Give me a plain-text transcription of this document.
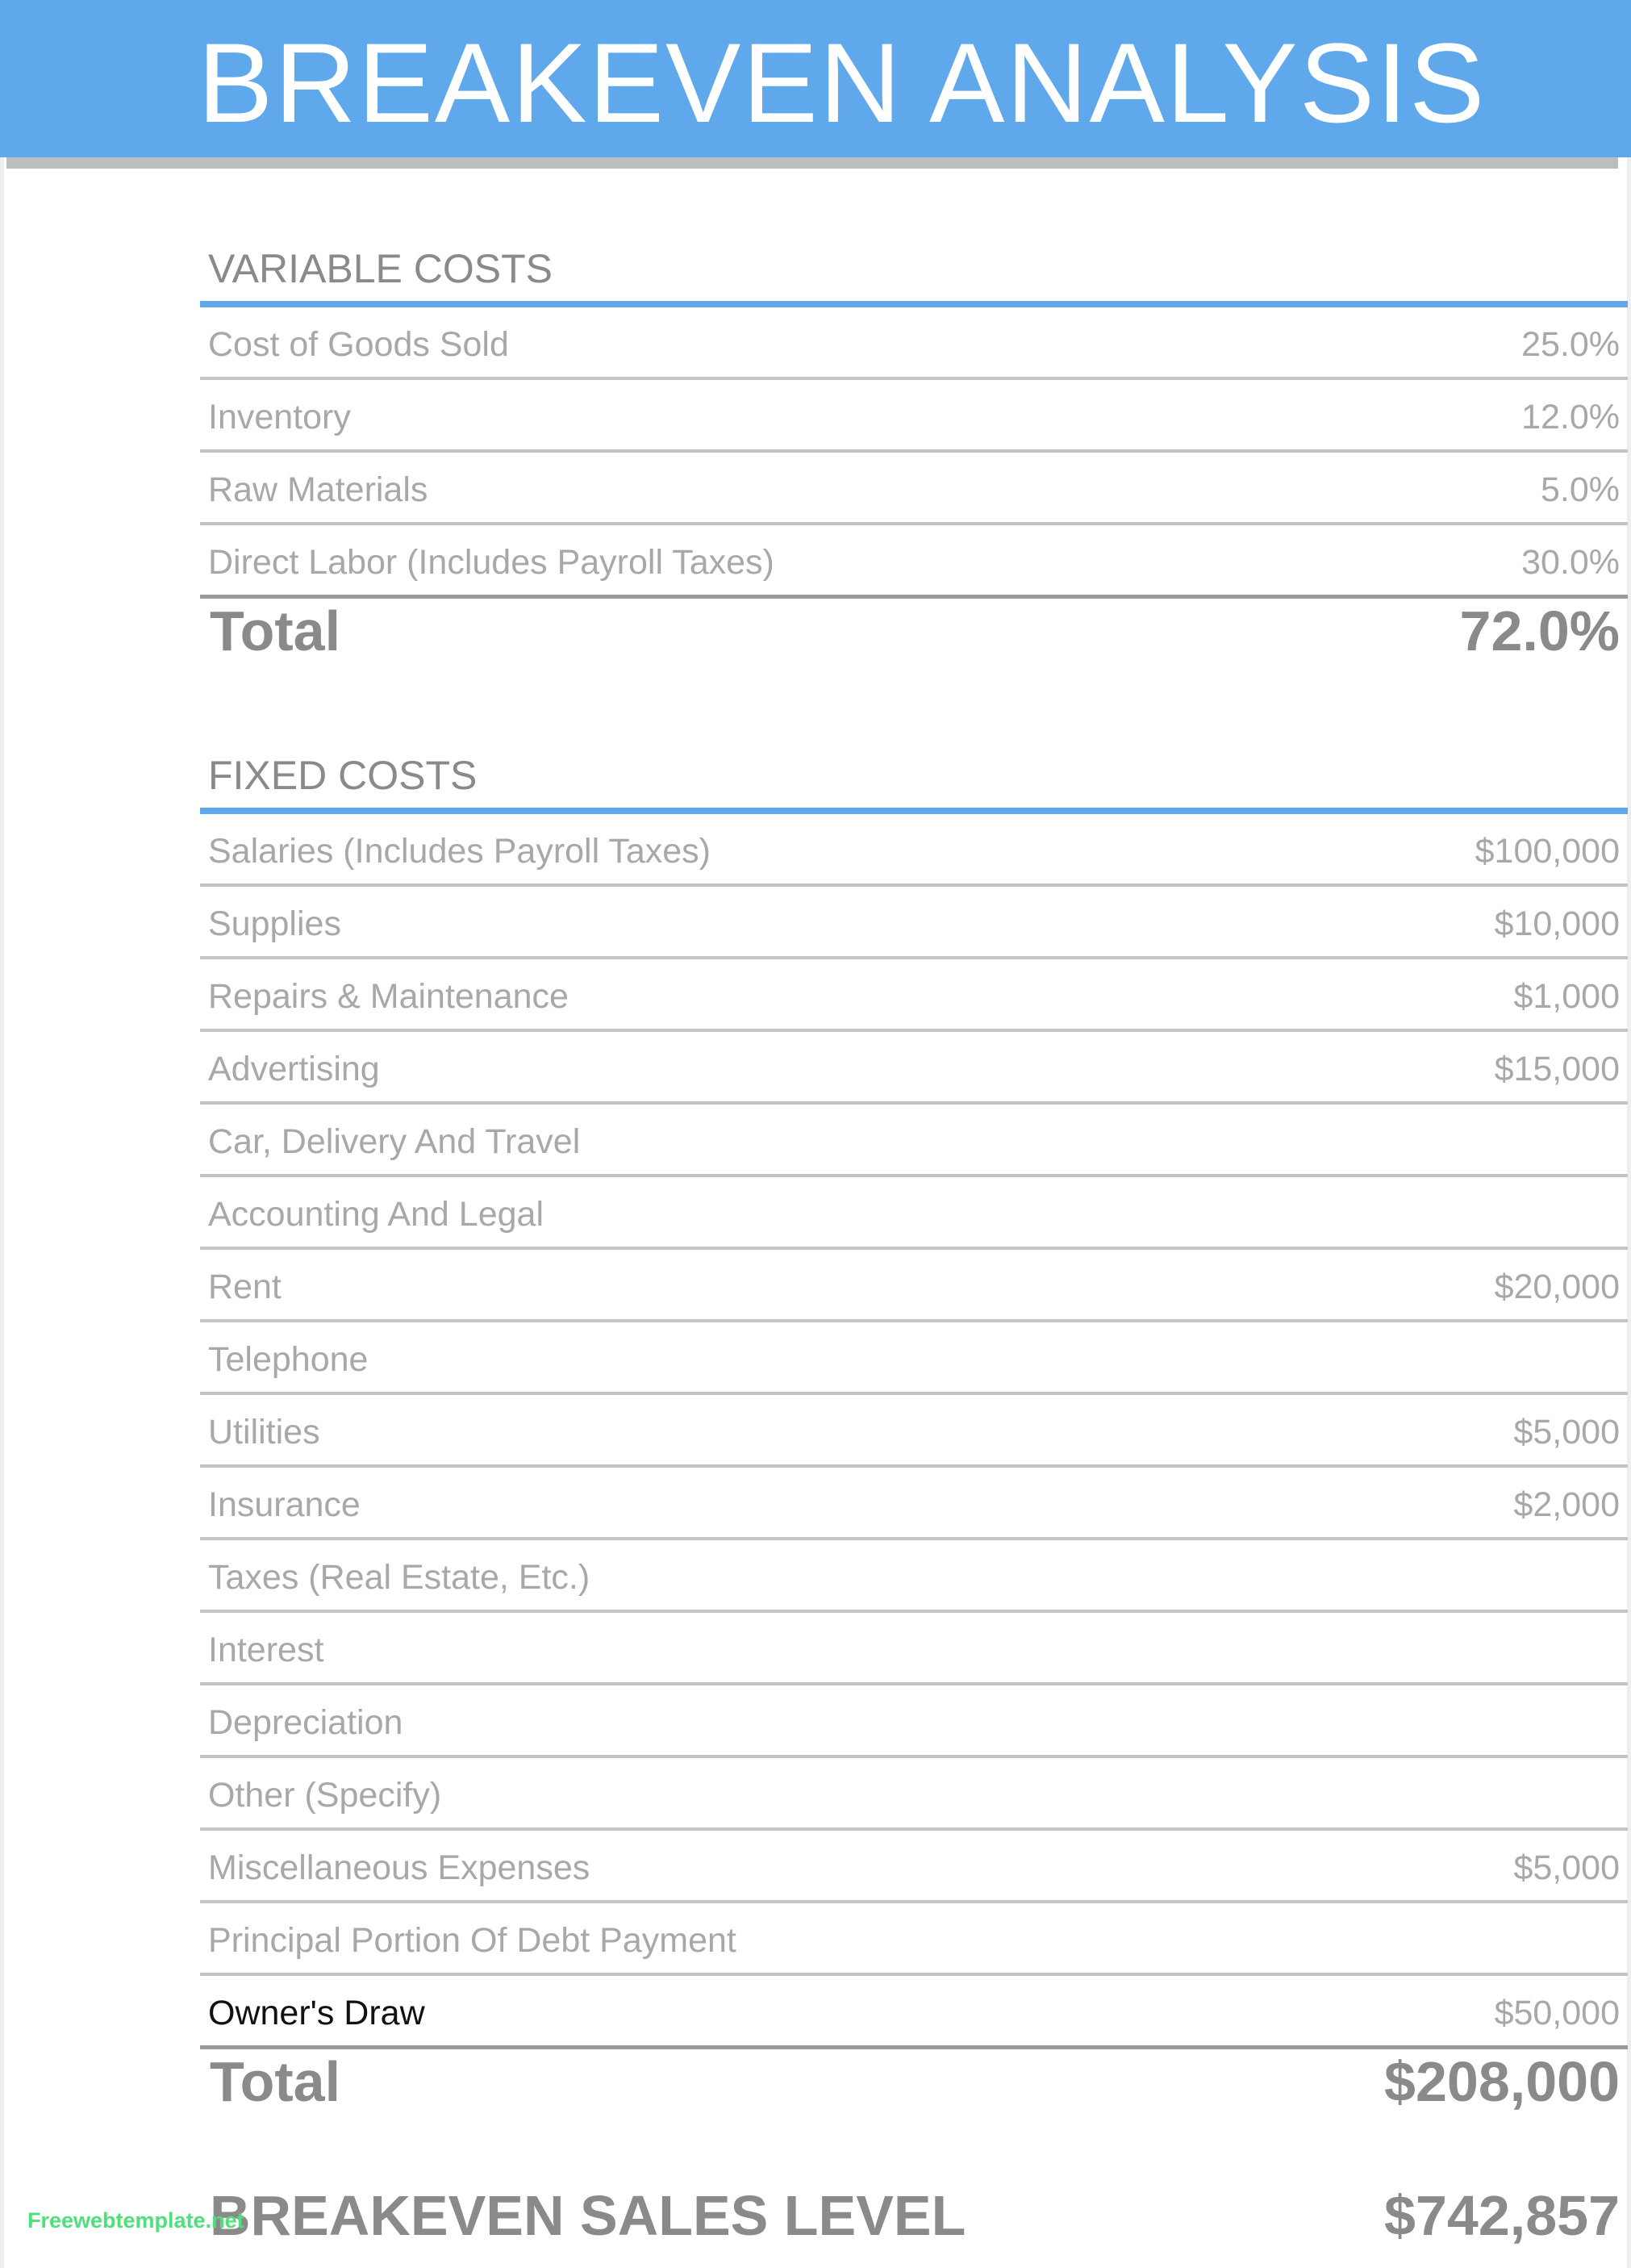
BREAKEVEN ANALYSIS
VARIABLE COSTS
Cost of Goods Sold	25.0%
Inventory	12.0%
Raw Materials	5.0%
Direct Labor (Includes Payroll Taxes)	30.0%
Total	72.0%
FIXED COSTS
Salaries (Includes Payroll Taxes)	$100,000
Supplies	$10,000
Repairs & Maintenance	$1,000
Advertising	$15,000
Car, Delivery And Travel
Accounting And Legal
Rent	$20,000
Telephone
Utilities	$5,000
Insurance	$2,000
Taxes (Real Estate, Etc.)
Interest
Depreciation
Other (Specify)
Miscellaneous Expenses	$5,000
Principal Portion Of Debt Payment
Owner's Draw	$50,000
Total	$208,000
BREAKEVEN SALES LEVEL	$742,857
Freewebtemplate.net
